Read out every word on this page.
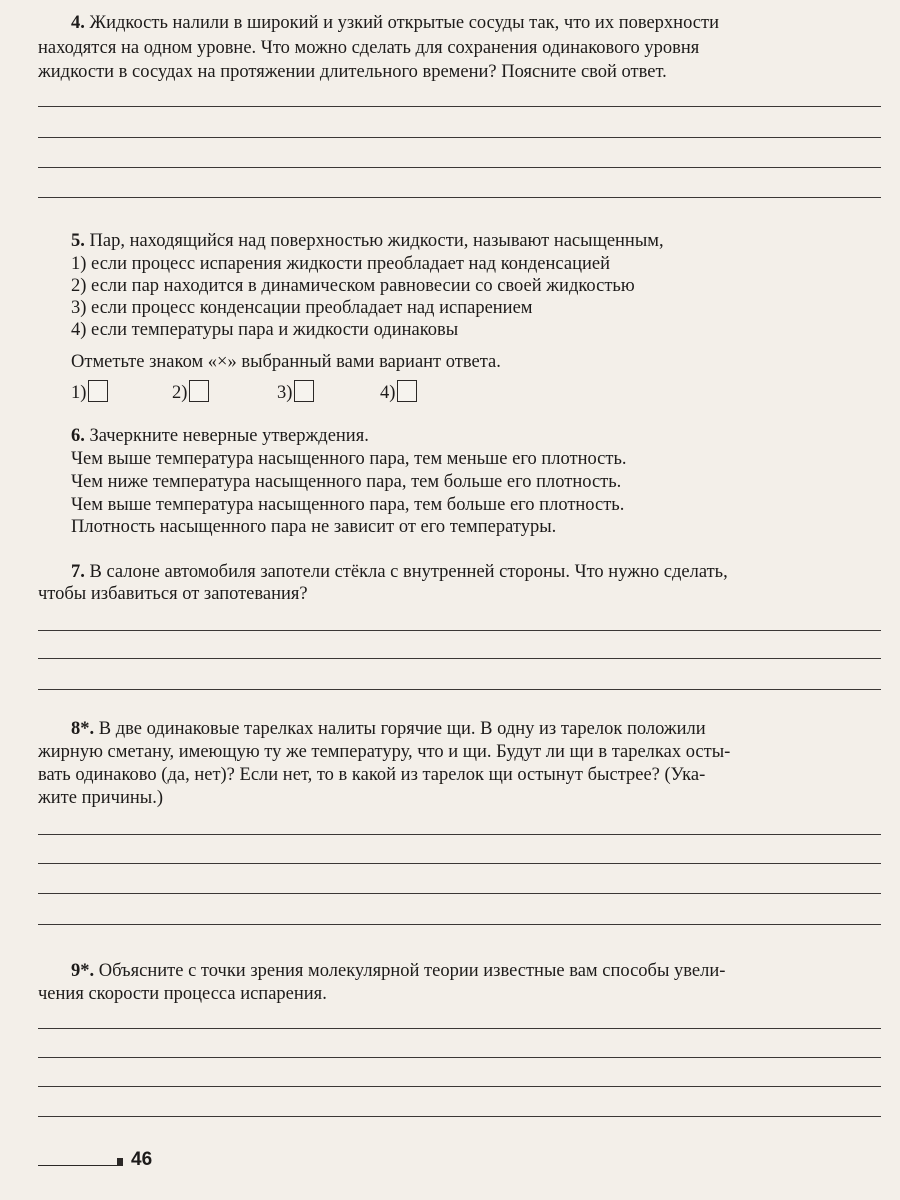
4. Жидкость налили в широкий и узкий открытые сосуды так, что их поверхности
находятся на одном уровне. Что можно сделать для сохранения одинакового уровня
жидкости в сосудах на протяжении длительного времени? Поясните свой ответ.
5. Пар, находящийся над поверхностью жидкости, называют насыщенным,
1) если процесс испарения жидкости преобладаeт над конденсацией
2) если пар находится в динамическом равновесии со своей жидкостью
3) если процесс конденсации преобладает над испарением
4) если температуры пара и жидкости одинаковы
Отметьте знаком «×» выбранный вами вариант ответа.
1)	2)	3)	4)
6. Зачеркните неверные утверждения.
Чем выше температура насыщенного пара, тем меньше его плотность.
Чем ниже температура насыщенного пара, тем больше его плотность.
Чем выше температура насыщенного пара, тем больше его плотность.
Плотность насыщенного пара не зависит от его температуры.
7. В салоне автомобиля запотели стёкла с внутренней стороны. Что нужно сделать,
чтобы избавиться от запотевания?
8*. В две одинаковые тарелках налиты горячие щи. В одну из тарелок положили
жирную сметану, имеющую ту же температуру, что и щи. Будут ли щи в тарелках осты-
вать одинаково (да, нет)? Если нет, то в какой из тарелок щи остынут быстрее? (Ука-
жите причины.)
9*. Объясните с точки зрения молекулярной теории известные вам способы увели-
чения скорости процесса испарения.
46
